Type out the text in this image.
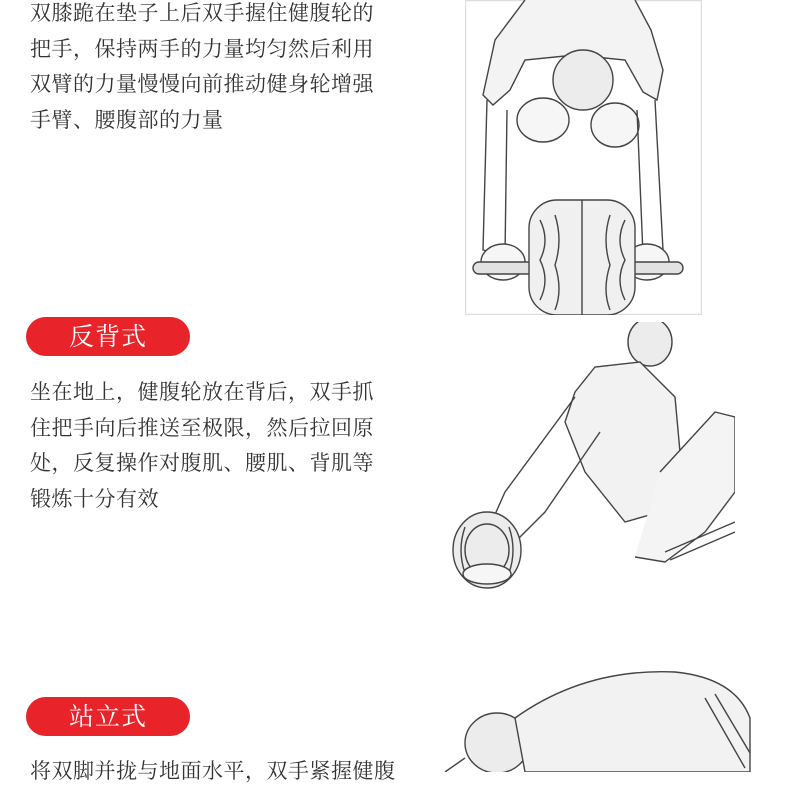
双膝跪在垫子上后双手握住健腹轮的
把手，保持两手的力量均匀然后利用
双臂的力量慢慢向前推动健身轮增强
手臂、腰腹部的力量
反背式
坐在地上，健腹轮放在背后，双手抓
住把手向后推送至极限，然后拉回原
处，反复操作对腹肌、腰肌、背肌等
锻炼十分有效
站立式
将双脚并拢与地面水平，双手紧握健腹
